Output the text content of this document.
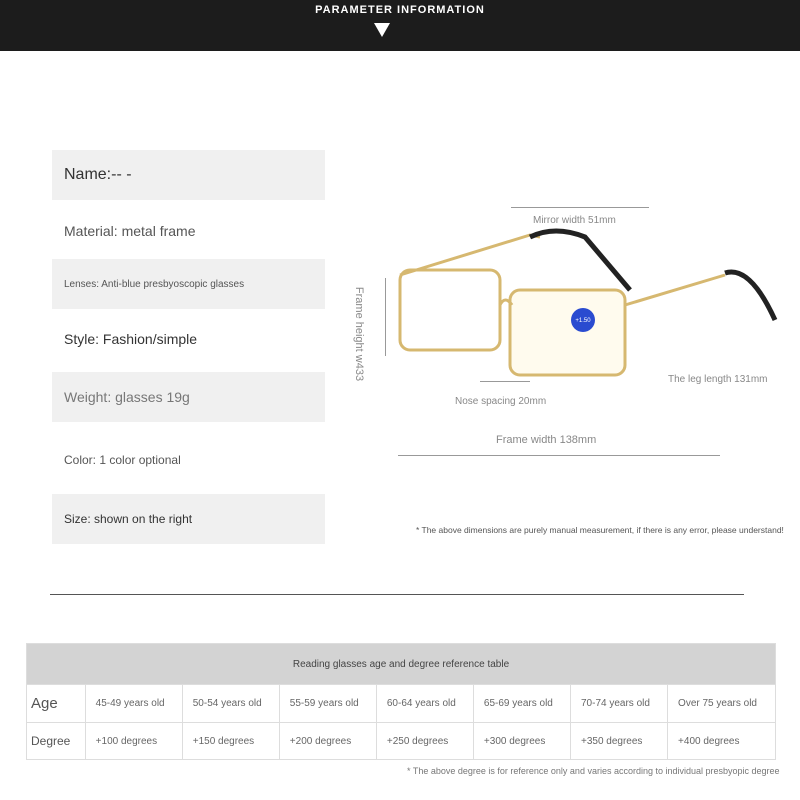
PARAMETER INFORMATION
Name:-- -
Material: metal frame
Lenses: Anti-blue presbyoscopic glasses
Style: Fashion/simple
Weight: glasses 19g
Color: 1 color optional
Size: shown on the right
+1.50
Mirror width 51mm
Frame height w433
Nose spacing 20mm
The leg length 131mm
Frame width 138mm
* The above dimensions are purely manual measurement, if there is any error, please understand!
Reading glasses age and degree reference table							
Age	45-49 years old	50-54 years old	55-59 years old	60-64 years old	65-69 years old	70-74 years old	Over 75 years old
Degree	+100 degrees	+150 degrees	+200 degrees	+250 degrees	+300 degrees	+350 degrees	+400 degrees
* The above degree is for reference only and varies according to individual presbyopic degree
